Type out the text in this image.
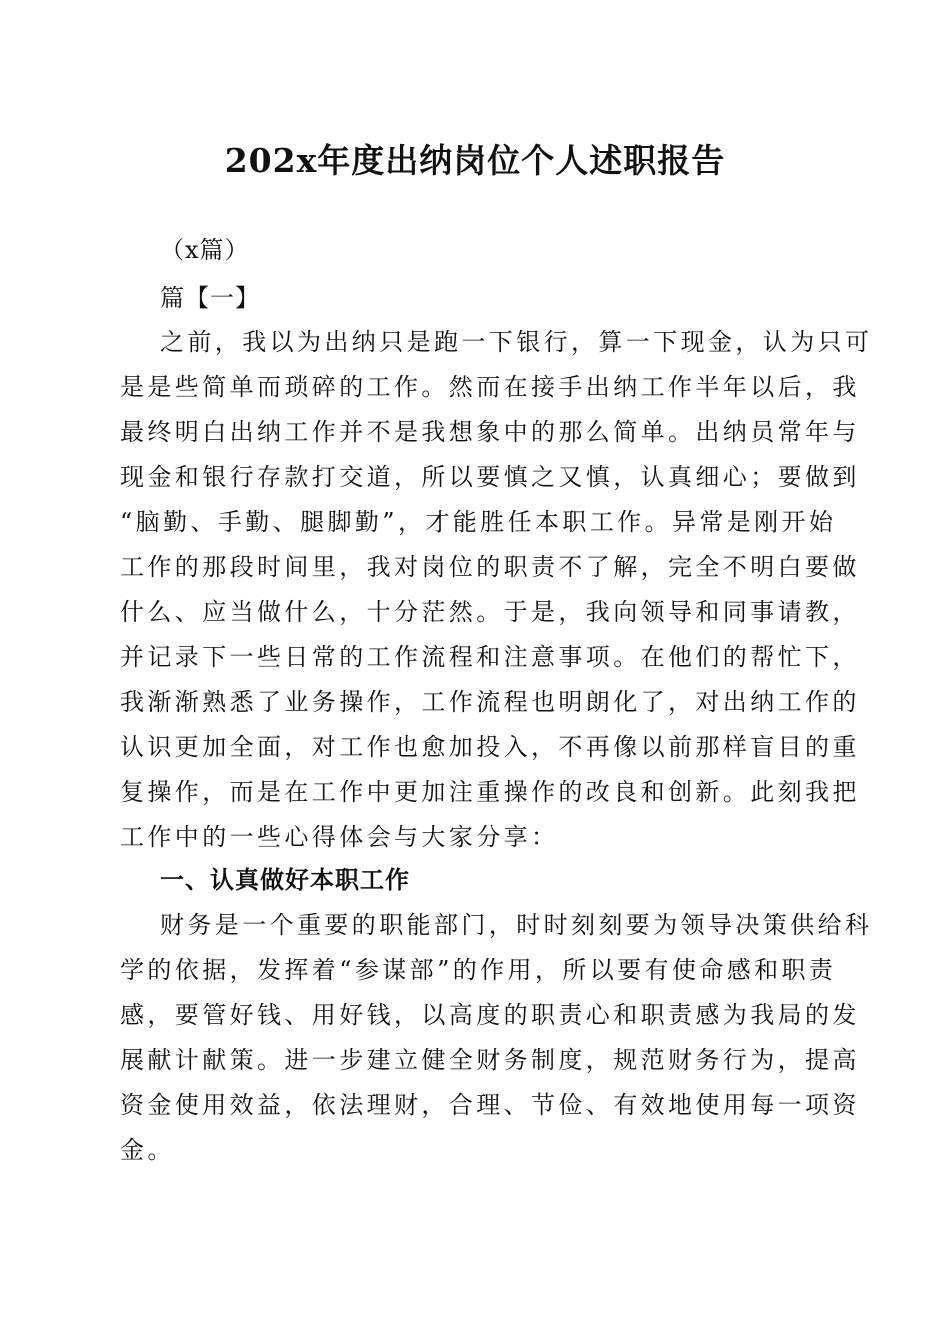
202x年度出纳岗位个人述职报告
（x篇）
篇【一】
之前，我以为出纳只是跑一下银行，算一下现金，认为只可
是是些简单而琐碎的工作。然而在接手出纳工作半年以后，我
最终明白出纳工作并不是我想象中的那么简单。出纳员常年与
现金和银行存款打交道，所以要慎之又慎，认真细心；要做到
“脑勤、手勤、腿脚勤”，才能胜任本职工作。异常是刚开始
工作的那段时间里，我对岗位的职责不了解，完全不明白要做
什么、应当做什么，十分茫然。于是，我向领导和同事请教，
并记录下一些日常的工作流程和注意事项。在他们的帮忙下，
我渐渐熟悉了业务操作，工作流程也明朗化了，对出纳工作的
认识更加全面，对工作也愈加投入，不再像以前那样盲目的重
复操作，而是在工作中更加注重操作的改良和创新。此刻我把
工作中的一些心得体会与大家分享：
一、认真做好本职工作
财务是一个重要的职能部门，时时刻刻要为领导决策供给科
学的依据，发挥着“参谋部”的作用，所以要有使命感和职责
感，要管好钱、用好钱，以高度的职责心和职责感为我局的发
展献计献策。进一步建立健全财务制度，规范财务行为，提高
资金使用效益，依法理财，合理、节俭、有效地使用每一项资
金。
